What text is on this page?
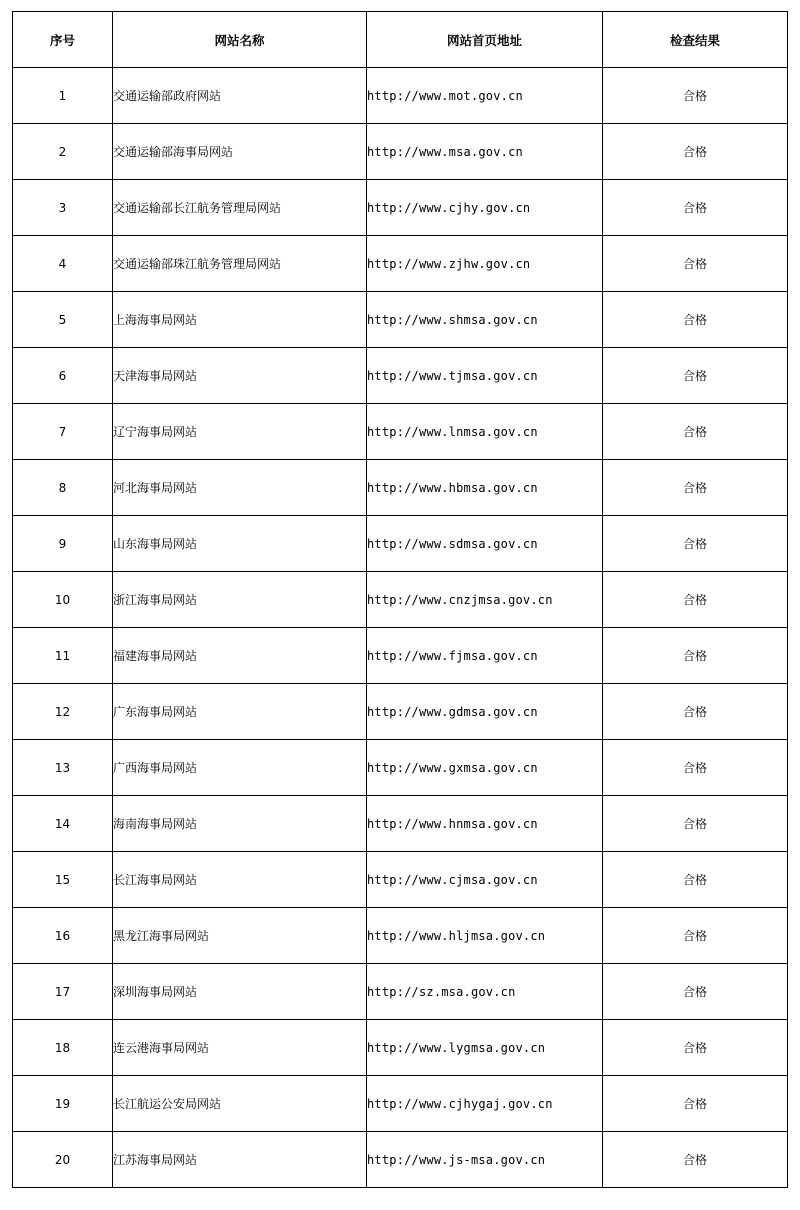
序号	网站名称	网站首页地址	检查结果
1	交通运输部政府网站	http://www.mot.gov.cn	合格
2	交通运输部海事局网站	http://www.msa.gov.cn	合格
3	交通运输部长江航务管理局网站	http://www.cjhy.gov.cn	合格
4	交通运输部珠江航务管理局网站	http://www.zjhw.gov.cn	合格
5	上海海事局网站	http://www.shmsa.gov.cn	合格
6	天津海事局网站	http://www.tjmsa.gov.cn	合格
7	辽宁海事局网站	http://www.lnmsa.gov.cn	合格
8	河北海事局网站	http://www.hbmsa.gov.cn	合格
9	山东海事局网站	http://www.sdmsa.gov.cn	合格
10	浙江海事局网站	http://www.cnzjmsa.gov.cn	合格
11	福建海事局网站	http://www.fjmsa.gov.cn	合格
12	广东海事局网站	http://www.gdmsa.gov.cn	合格
13	广西海事局网站	http://www.gxmsa.gov.cn	合格
14	海南海事局网站	http://www.hnmsa.gov.cn	合格
15	长江海事局网站	http://www.cjmsa.gov.cn	合格
16	黑龙江海事局网站	http://www.hljmsa.gov.cn	合格
17	深圳海事局网站	http://sz.msa.gov.cn	合格
18	连云港海事局网站	http://www.lygmsa.gov.cn	合格
19	长江航运公安局网站	http://www.cjhygaj.gov.cn	合格
20	江苏海事局网站	http://www.js-msa.gov.cn	合格
